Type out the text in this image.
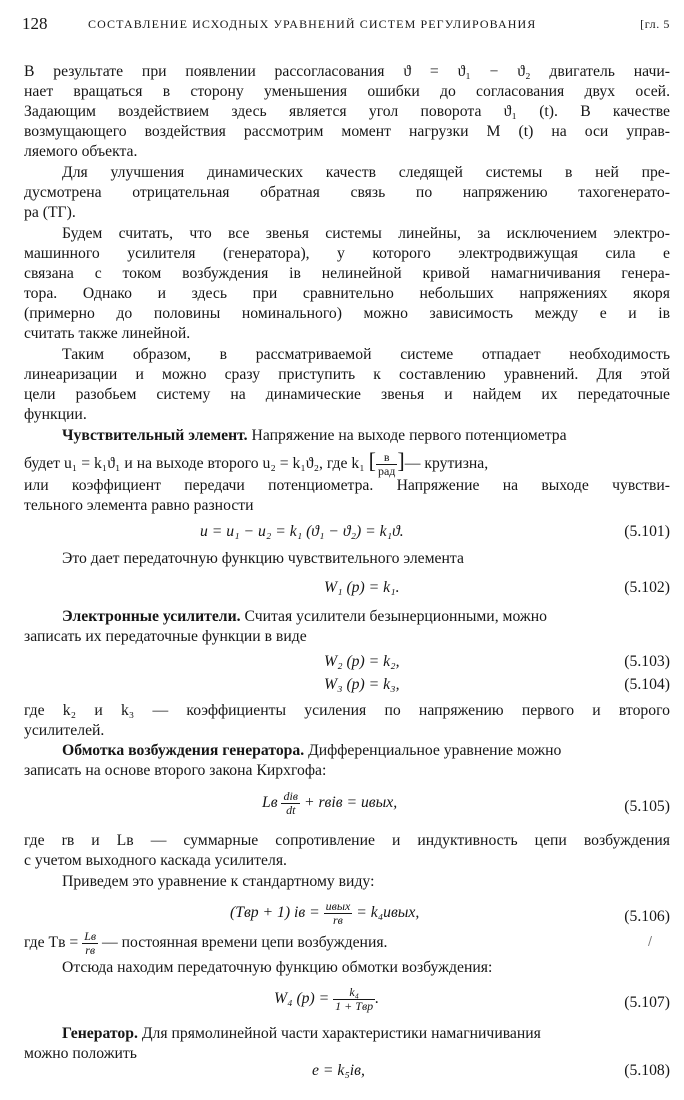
128	СОСТАВЛЕНИЕ ИСХОДНЫХ УРАВНЕНИЙ СИСТЕМ РЕГУЛИРОВАНИЯ	[гл. 5
В результате при появлении рассогласования ϑ = ϑ₁ − ϑ₂ двигатель начи-
нает вращаться в сторону уменьшения ошибки до согласования двух осей.
Задающим воздействием здесь является угол поворота ϑ₁ (t). В качестве
возмущающего воздействия рассмотрим момент нагрузки M (t) на оси управ-
ляемого объекта.
Для улучшения динамических качеств следящей системы в ней пре-
дусмотрена отрицательная обратная связь по напряжению тахогенерато-
ра (ТГ).
Будем считать, что все звенья системы линейны, за исключением электро-
машинного усилителя (генератора), у которого электродвижущая сила e
связана с током возбуждения iв нелинейной кривой намагничивания генера-
тора. Однако и здесь при сравнительно небольших напряжениях якоря
(примерно до половины номинального) можно зависимость между e и iв
считать также линейной.
Таким образом, в рассматриваемой системе отпадает необходимость
линеаризации и можно сразу приступить к составлению уравнений. Для этой
цели разобьем систему на динамические звенья и найдем их передаточные
функции.
Чувствительный элемент. Напряжение на выходе первого потенциометра
будет u₁ = k₁ϑ₁ и на выходе второго u₂ = k₁ϑ₂, где k₁ [ $\frac{в}{\text{рад}}$ ]— крутизна,
или коэффициент передачи потенциометра. Напряжение на выходе чувстви-
тельного элемента равно разности
u = u₁ − u₂ = k₁ (ϑ₁ − ϑ₂) = k₁ϑ.	(5.101)
Это дает передаточную функцию чувствительного элемента
W₁ (p) = k₁.	(5.102)
Электронные усилители. Считая усилители безынерционными, можно
записать их передаточные функции в виде
W₂ (p) = k₂,	(5.103)
W₃ (p) = k₃,	(5.104)
где k₂ и k₃ — коэффициенты усиления по напряжению первого и второго
усилителей.
Обмотка возбуждения генератора. Дифференциальное уравнение можно
записать на основе второго закона Кирхгофа:
Lв $\frac{\text{diв}}{dt}$ + rвiв = uвых,	(5.105)
где rв и Lв — суммарные сопротивление и индуктивность цепи возбуждения
с учетом выходного каскада усилителя.
Приведем это уравнение к стандартному виду:
(Tвp + 1) iв = $\frac{\text{uвых}}{rв}$ = k₄uвых,	(5.106)
где Tв = $\frac{Lв}{rв}$ — постоянная времени цепи возбуждения.
Отсюда находим передаточную функцию обмотки возбуждения:
W₄ $(p) = \frac{\text{k₄}}{\text{1 + Tвp}}$ .	(5.107)
Генератор. Для прямолинейной части характеристики намагничивания
можно положить
e = k₅iв,	(5.108)
/
